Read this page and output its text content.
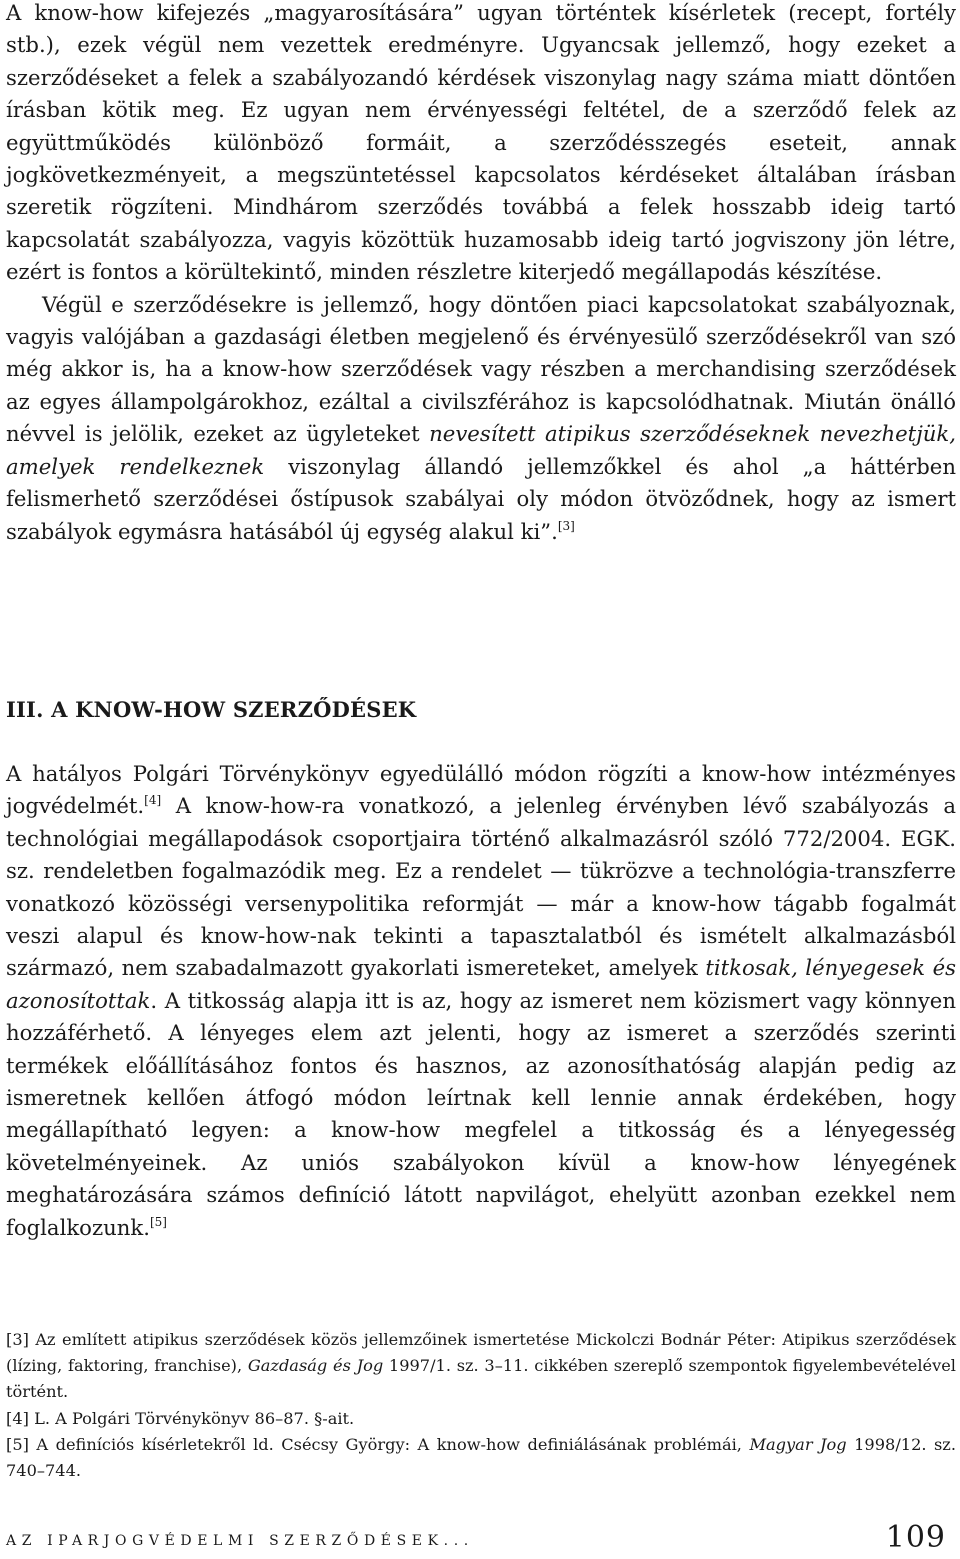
A know-how kifejezés „magyarosítására” ugyan történtek kísérletek (recept, fortély stb.), ezek végül nem vezettek eredményre. Ugyancsak jellemző, hogy ezeket a szerződéseket a felek a szabályozandó kérdések viszonylag nagy száma miatt döntően írásban kötik meg. Ez ugyan nem érvényességi feltétel, de a szerződő felek az együttműködés különböző formáit, a szerződésszegés eseteit, annak jogkövetkezményeit, a megszüntetéssel kapcsolatos kérdéseket általában írásban szeretik rögzíteni. Mindhárom szerződés továbbá a felek hosszabb ideig tartó kapcsolatát szabályozza, vagyis közöttük huzamosabb ideig tartó jogviszony jön létre, ezért is fontos a körültekintő, minden részletre kiterjedő megállapodás készítése.

Végül e szerződésekre is jellemző, hogy döntően piaci kapcsolatokat szabályoznak, vagyis valójában a gazdasági életben megjelenő és érvényesülő szerződésekről van szó még akkor is, ha a know-how szerződések vagy részben a merchandising szerződések az egyes állampolgárokhoz, ezáltal a civilszférához is kapcsolódhatnak. Miután önálló névvel is jelölik, ezeket az ügyleteket nevesített atipikus szerződéseknek nevezhetjük, amelyek rendelkeznek viszonylag állandó jellemzőkkel és ahol „a háttérben felismerhető szerződései őstípusok szabályai oly módon ötvöződnek, hogy az ismert szabályok egymásra hatásából új egység alakul ki”.[3]

III. A KNOW-HOW SZERZŐDÉSEK

A hatályos Polgári Törvénykönyv egyedülálló módon rögzíti a know-how intézményes jogvédelmét.[4] A know-how-ra vonatkozó, a jelenleg érvényben lévő szabályozás a technológiai megállapodások csoportjaira történő alkalmazásról szóló 772/2004. EGK. sz. rendeletben fogalmazódik meg. Ez a rendelet — tükrözve a technológia-transzferre vonatkozó közösségi versenypolitika reformját — már a know-how tágabb fogalmát veszi alapul és know-how-nak tekinti a tapasztalatból és ismételt alkalmazásból származó, nem szabadalmazott gyakorlati ismereteket, amelyek titkosak, lényegesek és azonosítottak. A titkosság alapja itt is az, hogy az ismeret nem közismert vagy könnyen hozzáférhető. A lényeges elem azt jelenti, hogy az ismeret a szerződés szerinti termékek előállításához fontos és hasznos, az azonosíthatóság alapján pedig az ismeretnek kellően átfogó módon leírtnak kell lennie annak érdekében, hogy megállapítható legyen: a know-how megfelel a titkosság és a lényegesség követelményeinek. Az uniós szabályokon kívül a know-how lényegének meghatározására számos definíció látott napvilágot, ehelyütt azonban ezekkel nem foglalkozunk.[5]

[3] Az említett atipikus szerződések közös jellemzőinek ismertetése Mickolczi Bodnár Péter: Atipikus szerződések (lízing, faktoring, franchise), Gazdaság és Jog 1997/1. sz. 3–11. cikkében szereplő szempontok figyelembevételével történt.

[4] L. A Polgári Törvénykönyv 86–87. §-ait.

[5] A definíciós kísérletekről ld. Csécsy György: A know-how definiálásának problémái, Magyar Jog 1998/12. sz. 740–744.

AZ IPARJOGVÉDELMI SZERZŐDÉSEK...	109
